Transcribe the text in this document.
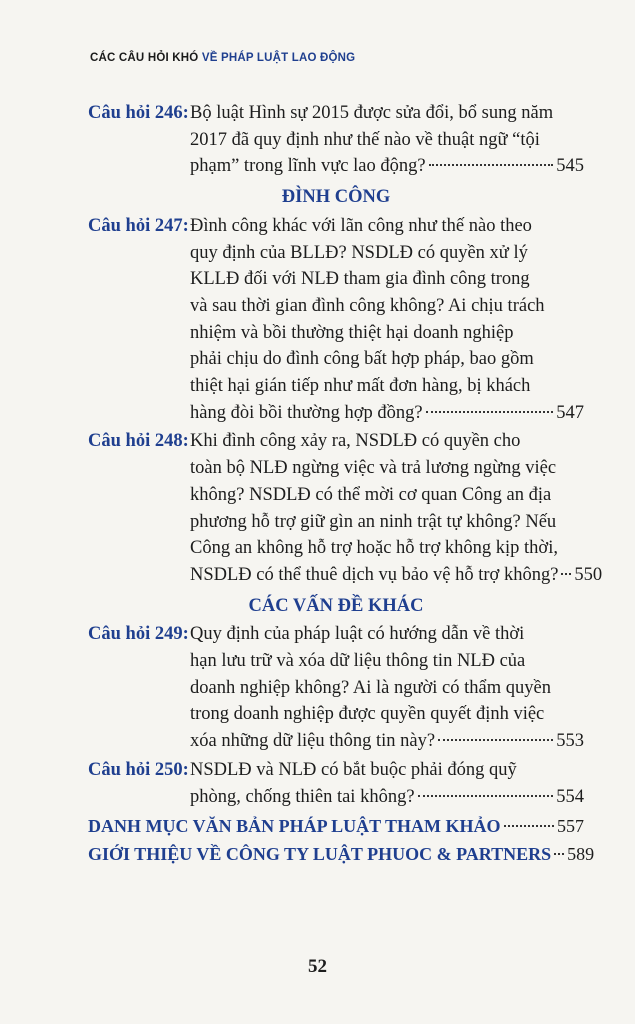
CÁC CÂU HỎI KHÓ VỀ PHÁP LUẬT LAO ĐỘNG
Câu hỏi 246: Bộ luật Hình sự 2015 được sửa đổi, bổ sung năm
2017 đã quy định như thế nào về thuật ngữ “tội
phạm” trong lĩnh vực lao động?	545
ĐÌNH CÔNG
Câu hỏi 247: Đình công khác với lãn công như thế nào theo
quy định của BLLĐ? NSDLĐ có quyền xử lý
KLLĐ đối với NLĐ tham gia đình công trong
và sau thời gian đình công không? Ai chịu trách
nhiệm và bồi thường thiệt hại doanh nghiệp
phải chịu do đình công bất hợp pháp, bao gồm
thiệt hại gián tiếp như mất đơn hàng, bị khách
hàng đòi bồi thường hợp đồng?	547
Câu hỏi 248: Khi đình công xảy ra, NSDLĐ có quyền cho
toàn bộ NLĐ ngừng việc và trả lương ngừng việc
không? NSDLĐ có thể mời cơ quan Công an địa
phương hỗ trợ giữ gìn an ninh trật tự không? Nếu
Công an không hỗ trợ hoặc hỗ trợ không kịp thời,
NSDLĐ có thể thuê dịch vụ bảo vệ hỗ trợ không? 550
CÁC VẤN ĐỀ KHÁC
Câu hỏi 249: Quy định của pháp luật có hướng dẫn về thời
hạn lưu trữ và xóa dữ liệu thông tin NLĐ của
doanh nghiệp không? Ai là người có thẩm quyền
trong doanh nghiệp được quyền quyết định việc
xóa những dữ liệu thông tin này?	553
Câu hỏi 250: NSDLĐ và NLĐ có bắt buộc phải đóng quỹ
phòng, chống thiên tai không?	554
DANH MỤC VĂN BẢN PHÁP LUẬT THAM KHẢO	557
GIỚI THIỆU VỀ CÔNG TY LUẬT PHUOC & PARTNERS 589
52
